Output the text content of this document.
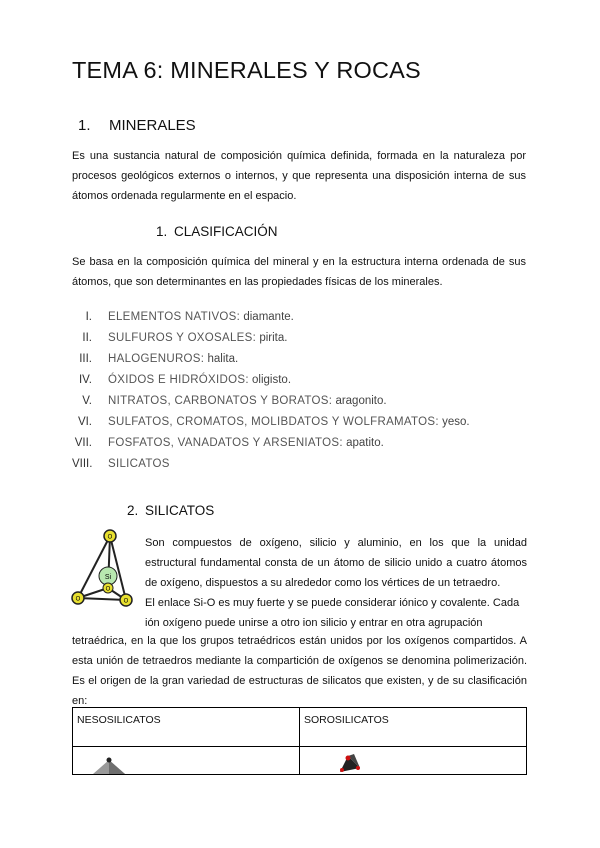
TEMA 6: MINERALES Y ROCAS
1. MINERALES

Es una sustancia natural de composición química definida, formada en la naturaleza por procesos geológicos externos o internos, y que representa una disposición interna de sus átomos ordenada regularmente en el espacio.

1. CLASIFICACIÓN

Se basa en la composición química del mineral y en la estructura interna ordenada de sus átomos, que son determinantes en las propiedades físicas de los minerales.

I. ELEMENTOS NATIVOS: diamante.
II. SULFUROS Y OXOSALES: pirita.
III. HALOGENUROS: halita.
IV. ÓXIDOS E HIDRÓXIDOS: oligisto.
V. NITRATOS, CARBONATOS Y BORATOS: aragonito.
VI. SULFATOS, CROMATOS, MOLIBDATOS Y WOLFRAMATOS: yeso.
VII. FOSFATOS, VANADATOS Y ARSENIATOS: apatito.
VIII. SILICATOS
2. SILICATOS
Si
O
O
O	O

Son compuestos de oxígeno, silicio y aluminio, en los que la unidad estructural fundamental consta de un átomo de silicio unido a cuatro átomos de oxígeno, dispuestos a su alrededor como los vértices de un tetraedro.

El enlace Si-O es muy fuerte y se puede considerar iónico y covalente. Cada

ión oxígeno puede unirse a otro ion silicio y entrar en otra agrupación

tetraédrica, en la que los grupos tetraédricos están unidos por los oxígenos compartidos. A esta unión de tetraedros mediante la compartición de oxígenos se denomina polimerización. Es el origen de la gran variedad de estructuras de silicatos que existen, y de su clasificación en:

NESOSILICATOS	SOROSILICATOS
